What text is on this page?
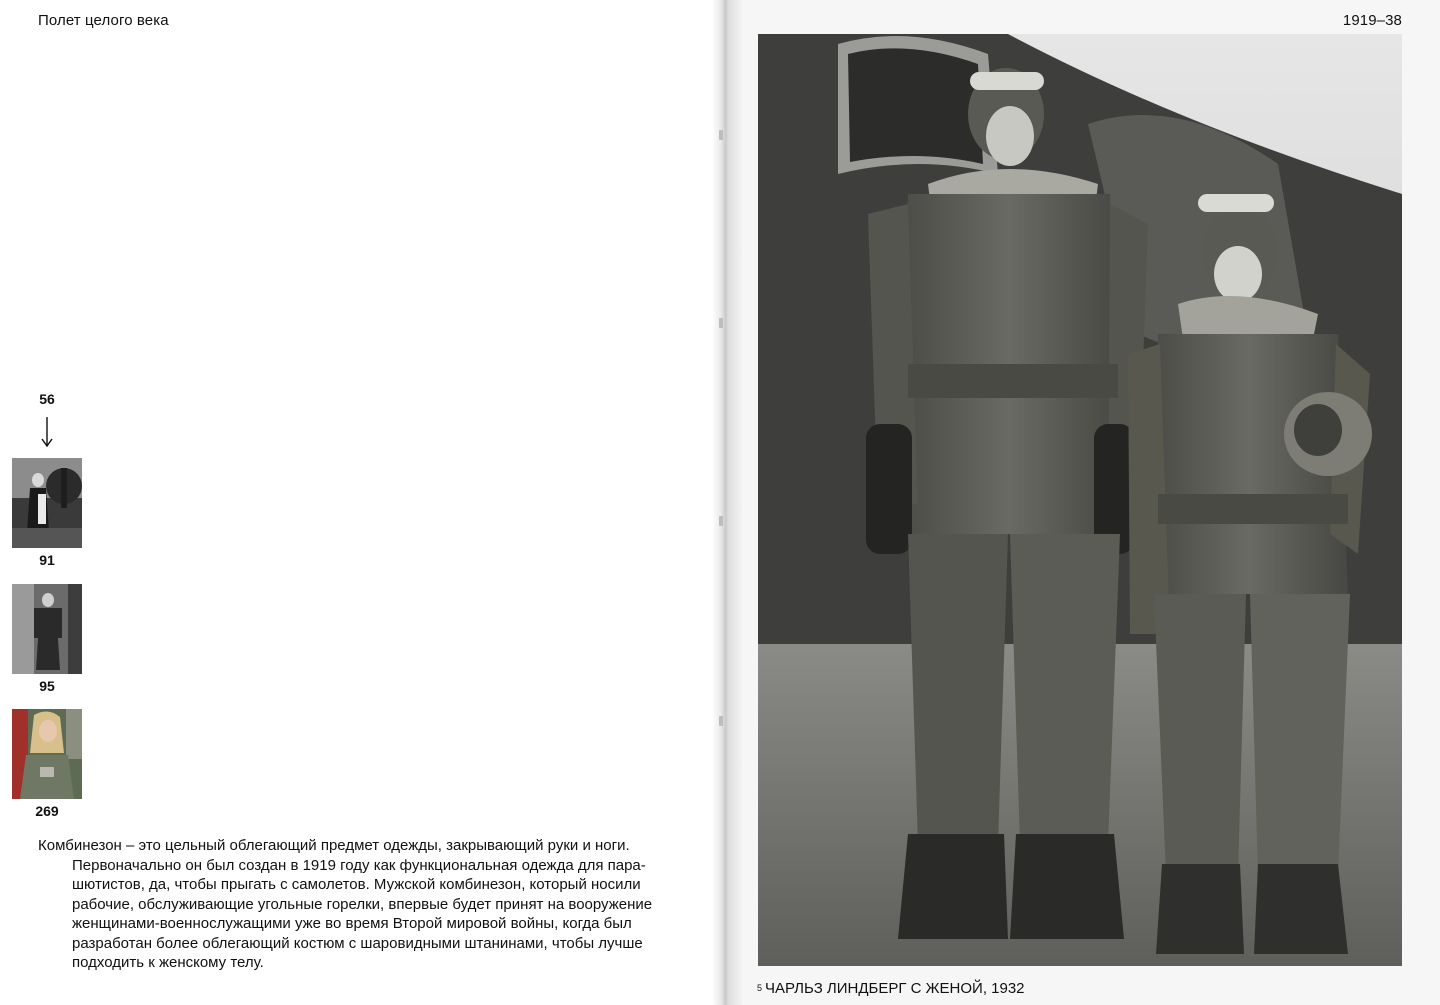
Полет целого века	1919–38
56
91
95
269

Комбинезон – это цельный облегающий предмет одежды, закрывающий руки и ноги.

Первоначально он был создан в 1919 году как функциональная одежда для пара-

шютистов, да, чтобы прыгать с самолетов. Мужской комбинезон, который носили

рабочие, обслуживающие угольные горелки, впервые будет принят на вооружение

женщинами-военнослужащими уже во время Второй мировой войны, когда был

разработан более облегающий костюм с шаровидными штанинами, чтобы лучше

подходить к женскому телу.

5 ЧАРЛЬЗ ЛИНДБЕРГ С ЖЕНОЙ, 1932
